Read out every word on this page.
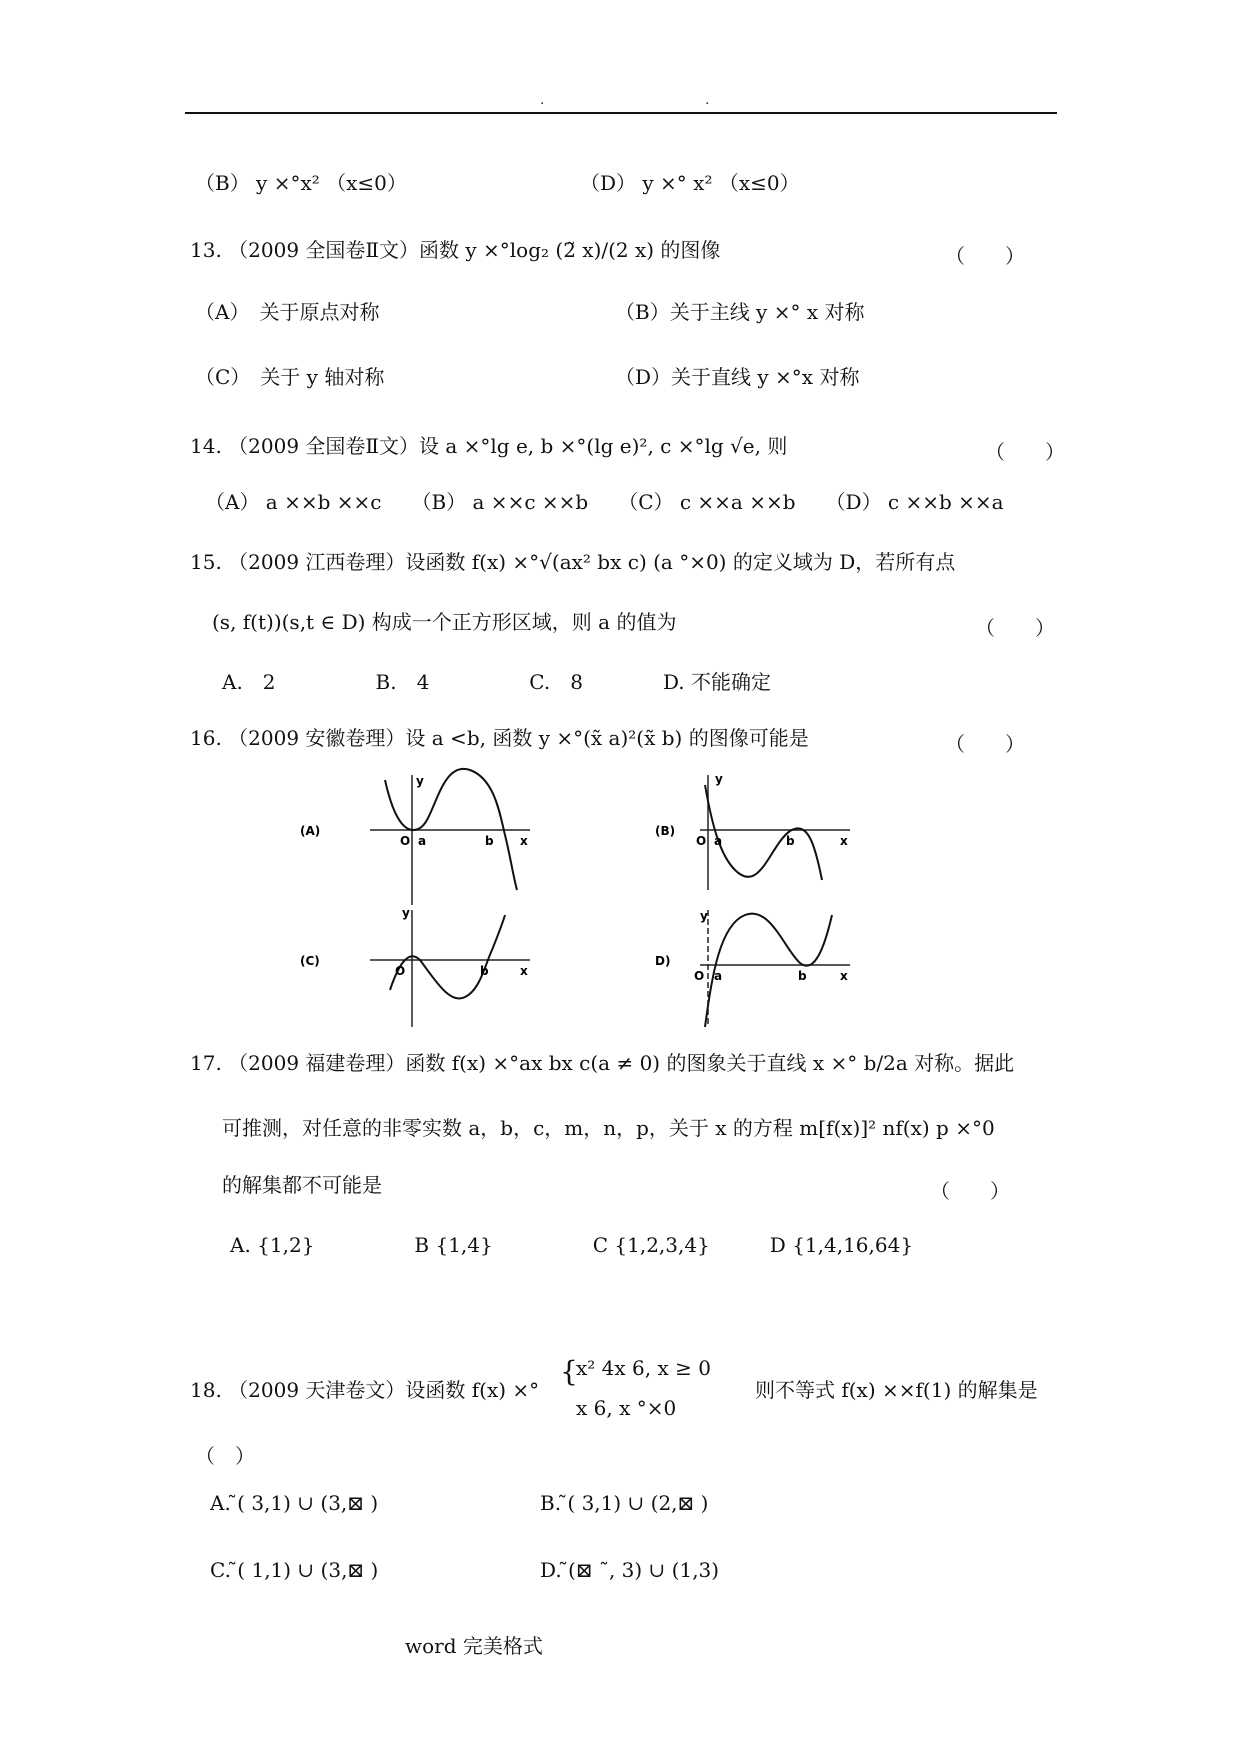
.	.
（B） y ×°x² （x≤0）	（D） y ×° x² （x≤0）
13. （2009 全国卷Ⅱ文）函数 y ×°log₂ (2̃ x)/(2 x) 的图像	（　　）
（A）　关于原点对称	（B）关于主线 y ×° x 对称
（C）　关于 y 轴对称	（D）关于直线 y ×°x 对称
14. （2009 全国卷Ⅱ文）设 a ×°lg e, b ×°(lg e)², c ×°lg √e, 则	（　　）
（A） a ××b ××c　　（B） a ××c ××b　　（C） c ××a ××b　　（D） c ××b ××a
15. （2009 江西卷理）设函数 f(x) ×°√(ax² bx c) (a °×0) 的定义域为 D，若所有点
(s, f(t))(s,t ∈ D) 构成一个正方形区域，则 a 的值为	（　　）
A.　2　　　　　B.　4　　　　　C.　8　　　　D. 不能确定
16. （2009 安徽卷理）设 a <b, 函数 y ×°(x̃ a)²(x̃ b) 的图像可能是	（　　）
(A)
O a	b x
y
(B)
O a	b	x
y
(C)
O	b	x
y
D)
O a	b	x
y
17. （2009 福建卷理）函数 f(x) ×°ax bx c(a ≠ 0) 的图象关于直线 x ×° b/2a 对称。据此
可推测，对任意的非零实数 a，b，c，m，n，p，关于 x 的方程 m[f(x)]² nf(x) p ×°0
的解集都不可能是	（　　）
A. {1,2}　　　　　B {1,4}　　　　　C {1,2,3,4}　　　D {1,4,16,64}
18. （2009 天津卷文）设函数 f(x) ×°
{
x² 4x 6, x ≥ 0
x 6, x °×0
则不等式 f(x) ××f(1) 的解集是
（　）
A. ̃( 3,1) ∪ (3,⊠ )	B. ̃( 3,1) ∪ (2,⊠ )
C. ̃( 1,1) ∪ (3,⊠ )	D. ̃(⊠ ˜, 3) ∪ (1,3)
word 完美格式
